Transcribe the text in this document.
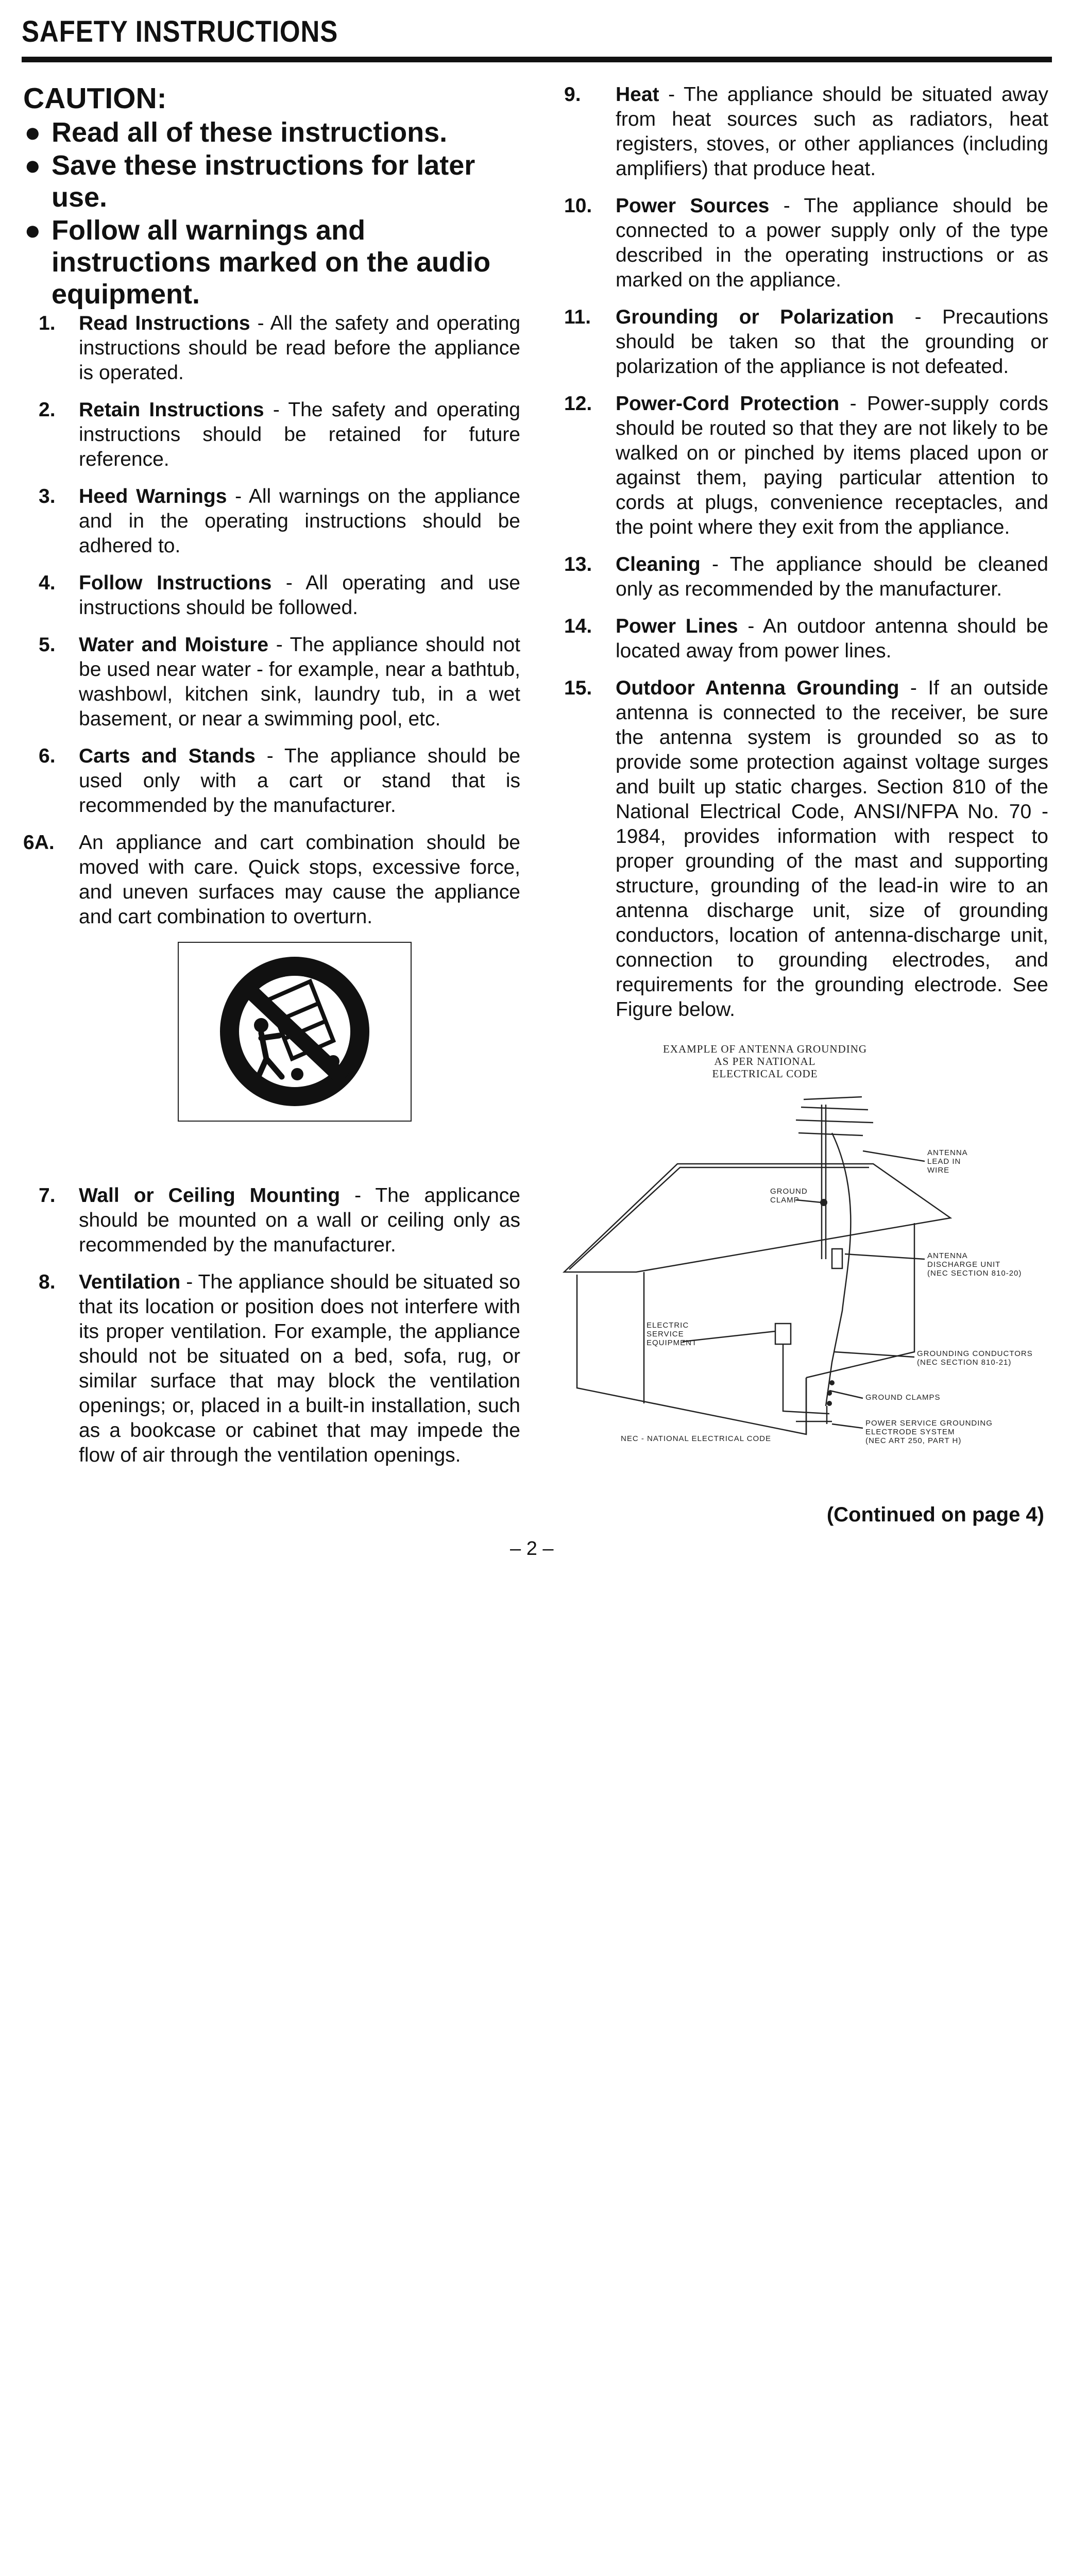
SAFETY INSTRUCTIONS
CAUTION:
● Read all of these instructions.
● Save these instructions for later use.
● Follow all warnings and instructions marked on the audio equipment.
1. Read Instructions - All the safety and operating instructions should be read before the appliance is operated.
2. Retain Instructions - The safety and operating instructions should be retained for future reference.
3. Heed Warnings - All warnings on the appliance and in the operating instructions should be adhered to.
4. Follow Instructions - All operating and use instructions should be followed.
5. Water and Moisture - The appliance should not be used near water - for example, near a bathtub, washbowl, kitchen sink, laundry tub, in a wet basement, or near a swimming pool, etc.
6. Carts and Stands - The appliance should be used only with a cart or stand that is recommended by the manufacturer.
6A. An appliance and cart combination should be moved with care. Quick stops, excessive force, and uneven surfaces may cause the appliance and cart combination to overturn.
7. Wall or Ceiling Mounting - The applicance should be mounted on a wall or ceiling only as recommended by the manufacturer.
8. Ventilation - The appliance should be situated so that its location or position does not interfere with its proper ventilation. For example, the appliance should not be situated on a bed, sofa, rug, or similar surface that may block the ventilation openings; or, placed in a built-in installation, such as a bookcase or cabinet that may impede the flow of air through the ventilation openings.
9. Heat - The appliance should be situated away from heat sources such as radiators, heat registers, stoves, or other appliances (including amplifiers) that produce heat.
10. Power Sources - The appliance should be connected to a power supply only of the type described in the operating instructions or as marked on the appliance.
11. Grounding or Polarization - Precautions should be taken so that the grounding or polarization of the appliance is not defeated.
12. Power-Cord Protection - Power-supply cords should be routed so that they are not likely to be walked on or pinched by items placed upon or against them, paying particular attention to cords at plugs, convenience receptacles, and the point where they exit from the appliance.
13. Cleaning - The appliance should be cleaned only as recommended by the manufacturer.
14. Power Lines - An outdoor antenna should be located away from power lines.
15. Outdoor Antenna Grounding - If an outside antenna is connected to the receiver, be sure the antenna system is grounded so as to provide some protection against voltage surges and built up static charges. Section 810 of the National Electrical Code, ANSI/NFPA No. 70 - 1984, provides information with respect to proper grounding of the mast and supporting structure, grounding of the lead-in wire to an antenna discharge unit, size of grounding conductors, location of antenna-discharge unit, connection to grounding electrodes, and requirements for the grounding electrode. See Figure below.
EXAMPLE OF ANTENNA GROUNDING
AS PER NATIONAL
ELECTRICAL CODE
ANTENNA
LEAD IN
WIRE
GROUND
CLAMP
ANTENNA
DISCHARGE UNIT
(NEC SECTION 810-20)
ELECTRIC
SERVICE
EQUIPMENT
GROUNDING CONDUCTORS
(NEC SECTION 810-21)
GROUND CLAMPS
POWER SERVICE GROUNDING
ELECTRODE SYSTEM
(NEC ART 250, PART H)
NEC - NATIONAL ELECTRICAL CODE
(Continued on page 4)
– 2 –
